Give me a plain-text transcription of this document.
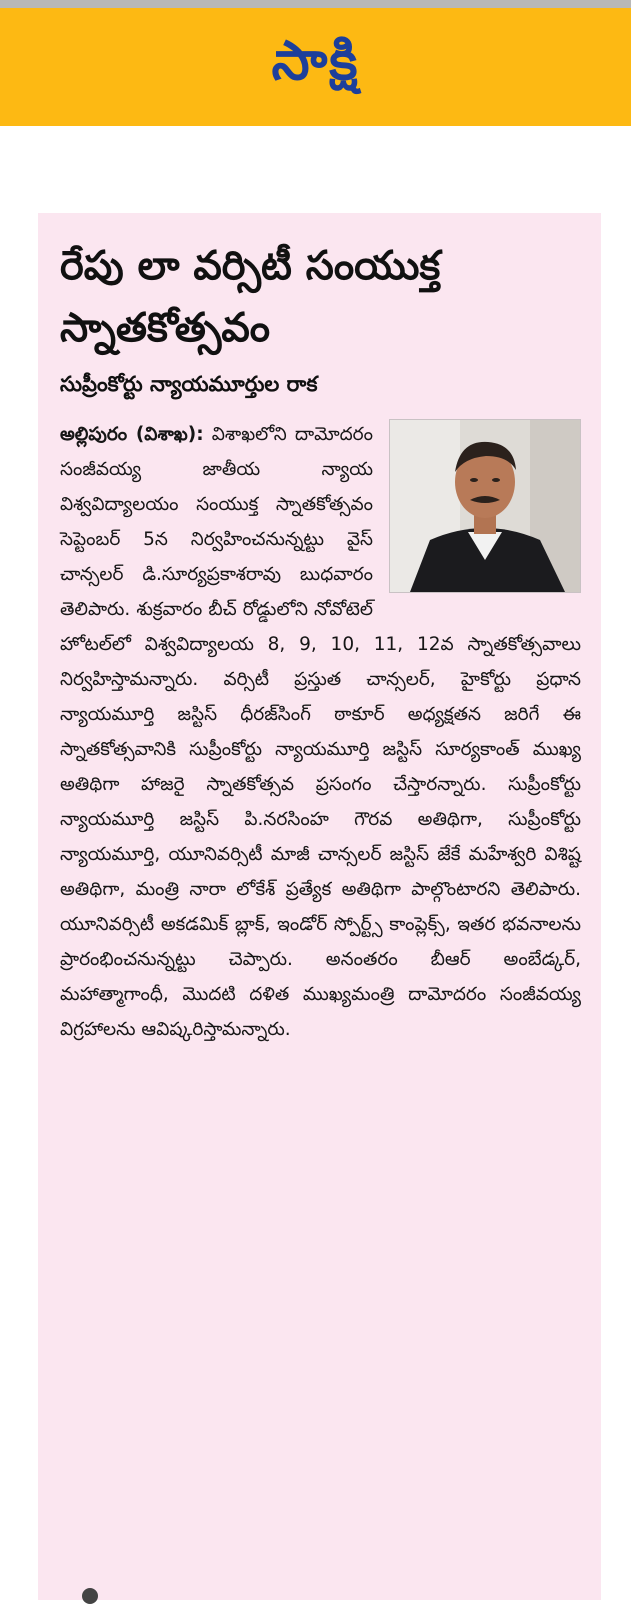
సాక్షి
రేపు లా వర్సిటీ సంయుక్త స్నాతకోత్సవం
సుప్రీంకోర్టు న్యాయమూర్తుల రాక

అల్లిపురం (విశాఖ): విశాఖలోని దామోదరం సంజీవయ్య జాతీయ న్యాయ విశ్వవిద్యాలయం సంయుక్త స్నాతకోత్సవం సెప్టెంబర్ 5న నిర్వహించనున్నట్టు వైస్ చాన్సలర్ డి.సూర్యప్రకాశరావు బుధవారం తెలిపారు. శుక్రవారం బీచ్ రోడ్డులోని నోవోటెల్ హోటల్‌లో విశ్వవిద్యాలయ 8, 9, 10, 11, 12వ స్నాతకోత్సవాలు నిర్వహిస్తామన్నారు. వర్సిటీ ప్రస్తుత చాన్సలర్, హైకోర్టు ప్రధాన న్యాయమూర్తి జస్టిస్ ధీరజ్‌సింగ్ ఠాకూర్ అధ్యక్షతన జరిగే ఈ స్నాతకోత్సవానికి సుప్రీంకోర్టు న్యాయమూర్తి జస్టిస్ సూర్యకాంత్ ముఖ్య అతిథిగా హాజరై స్నాతకోత్సవ ప్రసంగం చేస్తారన్నారు. సుప్రీంకోర్టు న్యాయమూర్తి జస్టిస్ పి.నరసింహ గౌరవ అతిథిగా, సుప్రీంకోర్టు న్యాయమూర్తి, యూనివర్సిటీ మాజీ చాన్సలర్ జస్టిస్ జేకే మహేశ్వరి విశిష్ట అతిథిగా, మంత్రి నారా లోకేశ్ ప్రత్యేక అతిథిగా పాల్గొంటారని తెలిపారు. యూనివర్సిటీ అకడమిక్ బ్లాక్, ఇండోర్ స్పోర్ట్స్ కాంప్లెక్స్, ఇతర భవనాలను ప్రారంభించనున్నట్టు చెప్పారు. అనంతరం బీఆర్ అంబేడ్కర్, మహాత్మాగాంధీ, మొదటి దళిత ముఖ్యమంత్రి దామోదరం సంజీవయ్య విగ్రహాలను ఆవిష్కరిస్తామన్నారు.
